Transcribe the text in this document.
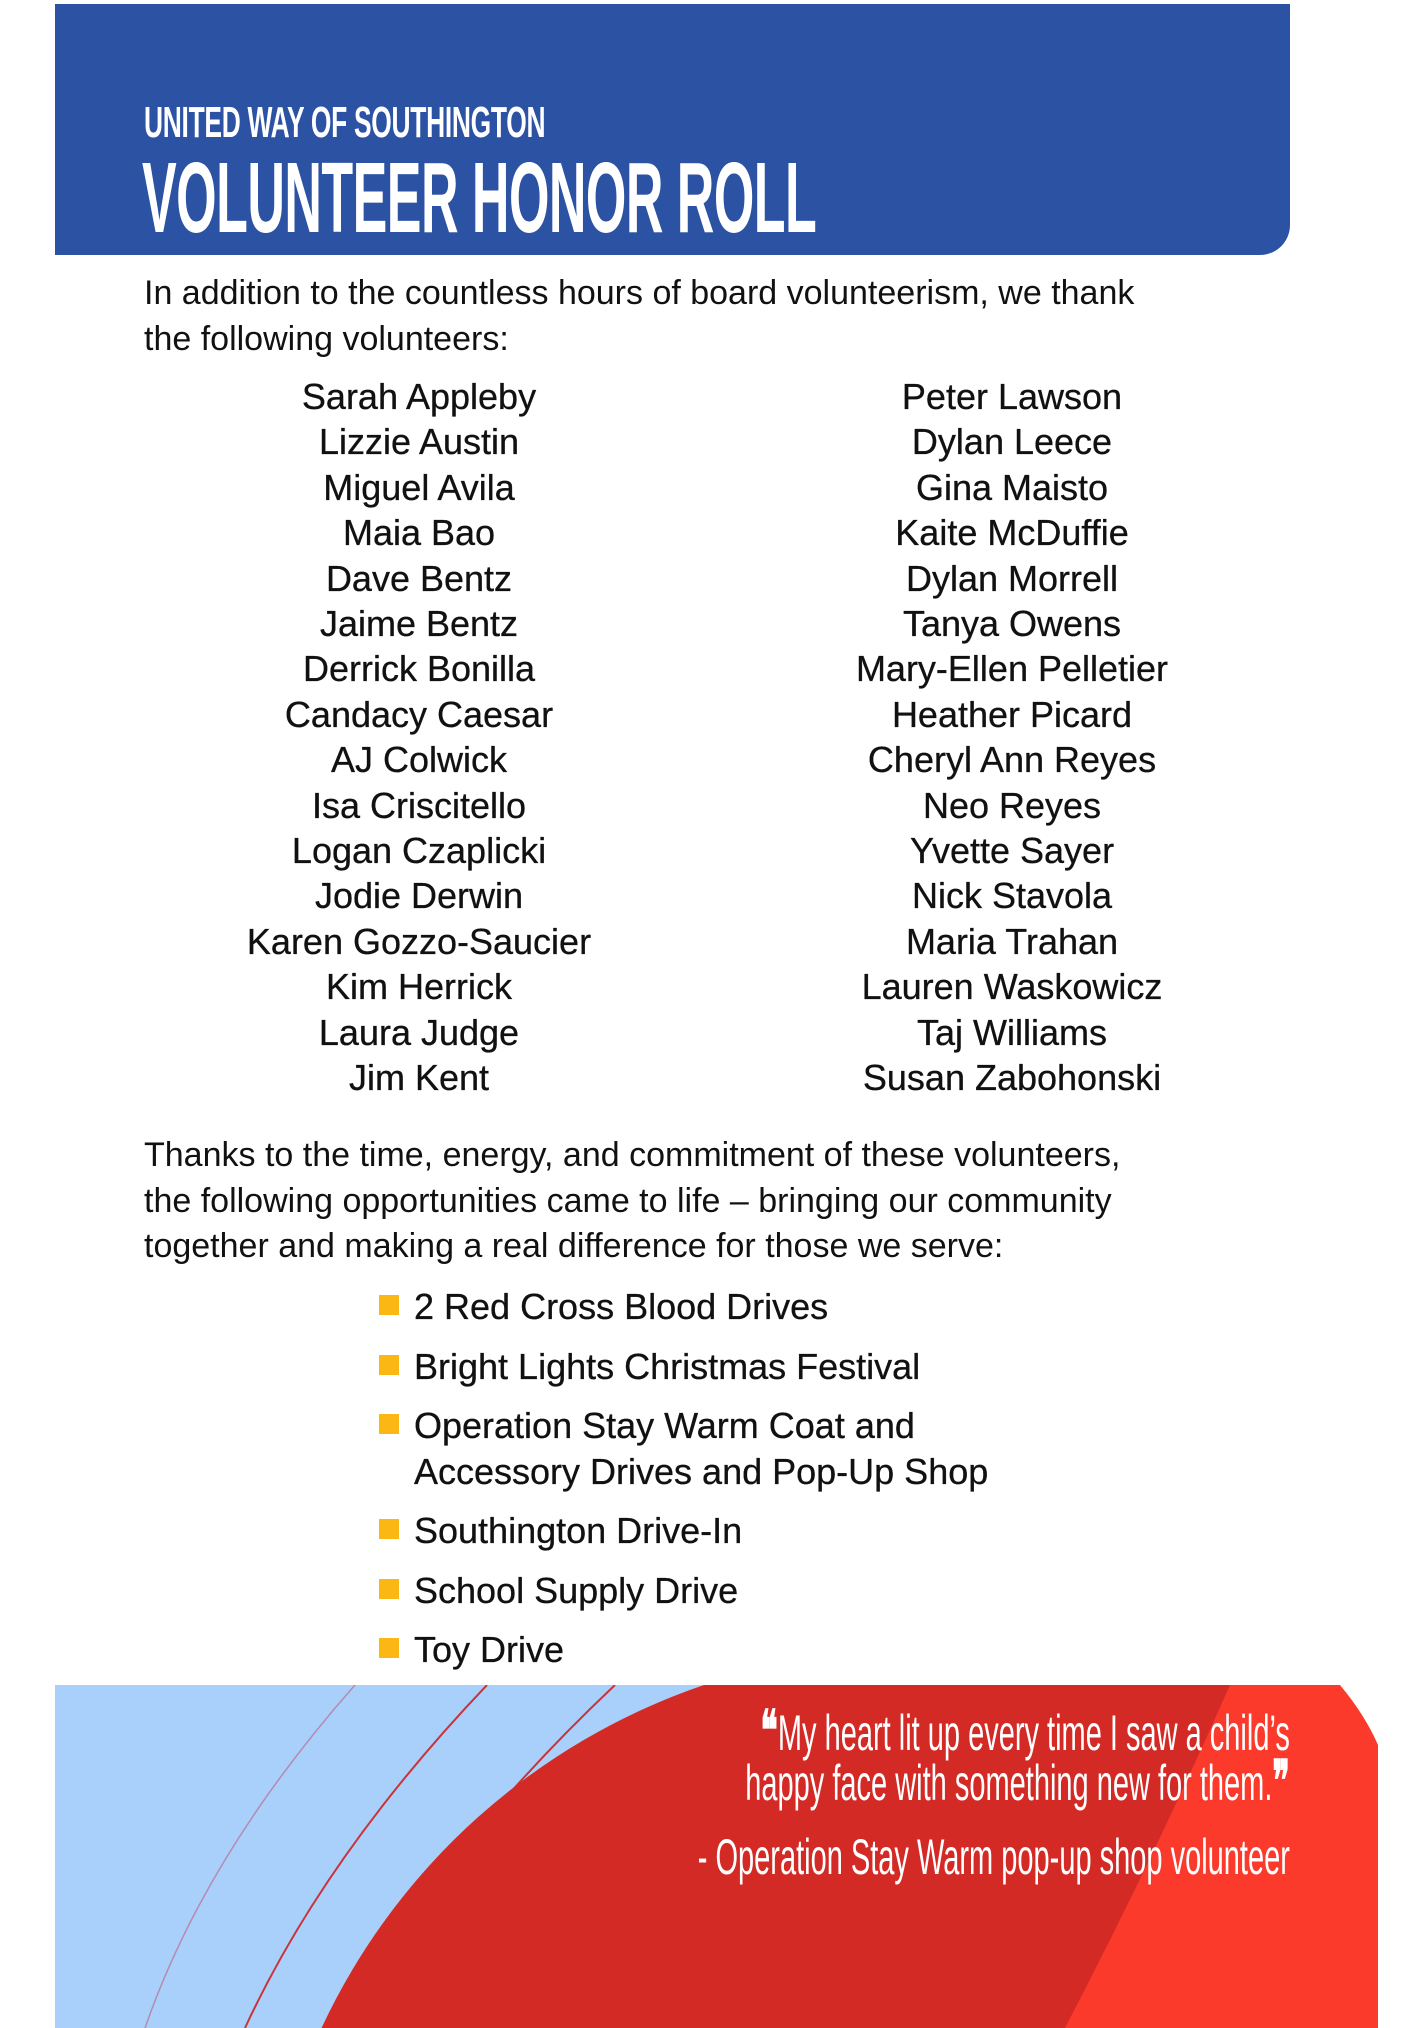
UNITED WAY OF SOUTHINGTON
VOLUNTEER HONOR ROLL
In addition to the countless hours of board volunteerism, we thank
the following volunteers:
Sarah Appleby
Lizzie Austin
Miguel Avila
Maia Bao
Dave Bentz
Jaime Bentz
Derrick Bonilla
Candacy Caesar
AJ Colwick
Isa Criscitello
Logan Czaplicki
Jodie Derwin
Karen Gozzo-Saucier
Kim Herrick
Laura Judge
Jim Kent
Peter Lawson
Dylan Leece
Gina Maisto
Kaite McDuffie
Dylan Morrell
Tanya Owens
Mary-Ellen Pelletier
Heather Picard
Cheryl Ann Reyes
Neo Reyes
Yvette Sayer
Nick Stavola
Maria Trahan
Lauren Waskowicz
Taj Williams
Susan Zabohonski
Thanks to the time, energy, and commitment of these volunteers,
the following opportunities came to life – bringing our community
together and making a real difference for those we serve:
2 Red Cross Blood Drives
Bright Lights Christmas Festival
Operation Stay Warm Coat and
Accessory Drives and Pop-Up Shop
Southington Drive-In
School Supply Drive
Toy Drive
❝My heart lit up every time I saw a child’s
happy face with something new for them.❞
- Operation Stay Warm pop-up shop volunteer
